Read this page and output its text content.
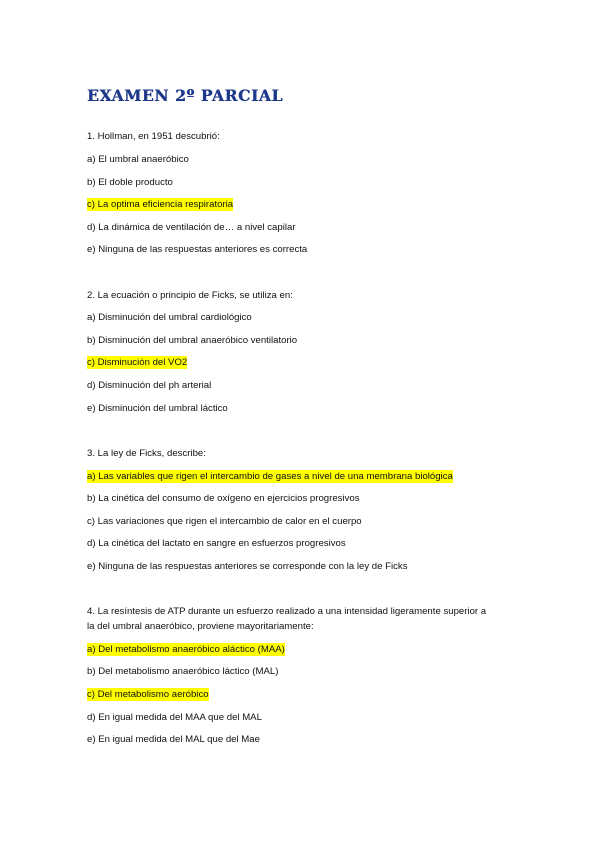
EXAMEN 2º PARCIAL
1. Hollman, en 1951 descubrió:
a) El umbral anaeróbico
b) El doble producto
c) La optima eficiencia respiratoria
d) La dinámica de ventilación de… a nivel capilar
e) Ninguna de las respuestas anteriores es correcta
2. La ecuación o principio de Ficks, se utiliza en:
a) Disminución del umbral cardiológico
b) Disminución del umbral anaeróbico ventilatorio
c) Disminución del VO2
d) Disminución del ph arterial
e) Disminución del umbral láctico
3. La ley de Ficks, describe:
a) Las variables que rigen el intercambio de gases a nivel de una membrana biológica
b) La cinética del consumo de oxígeno en ejercicios progresivos
c) Las variaciones que rigen el intercambio de calor en el cuerpo
d) La cinética del lactato en sangre en esfuerzos progresivos
e) Ninguna de las respuestas anteriores se corresponde con la ley de Ficks
4. La resíntesis de ATP durante un esfuerzo realizado a una intensidad ligeramente superior a
la del umbral anaeróbico, proviene mayoritariamente:
a) Del metabolismo anaeróbico aláctico (MAA)
b) Del metabolismo anaeróbico láctico (MAL)
c) Del metabolismo aeróbico
d) En igual medida del MAA que del MAL
e) En igual medida del MAL que del Mae
